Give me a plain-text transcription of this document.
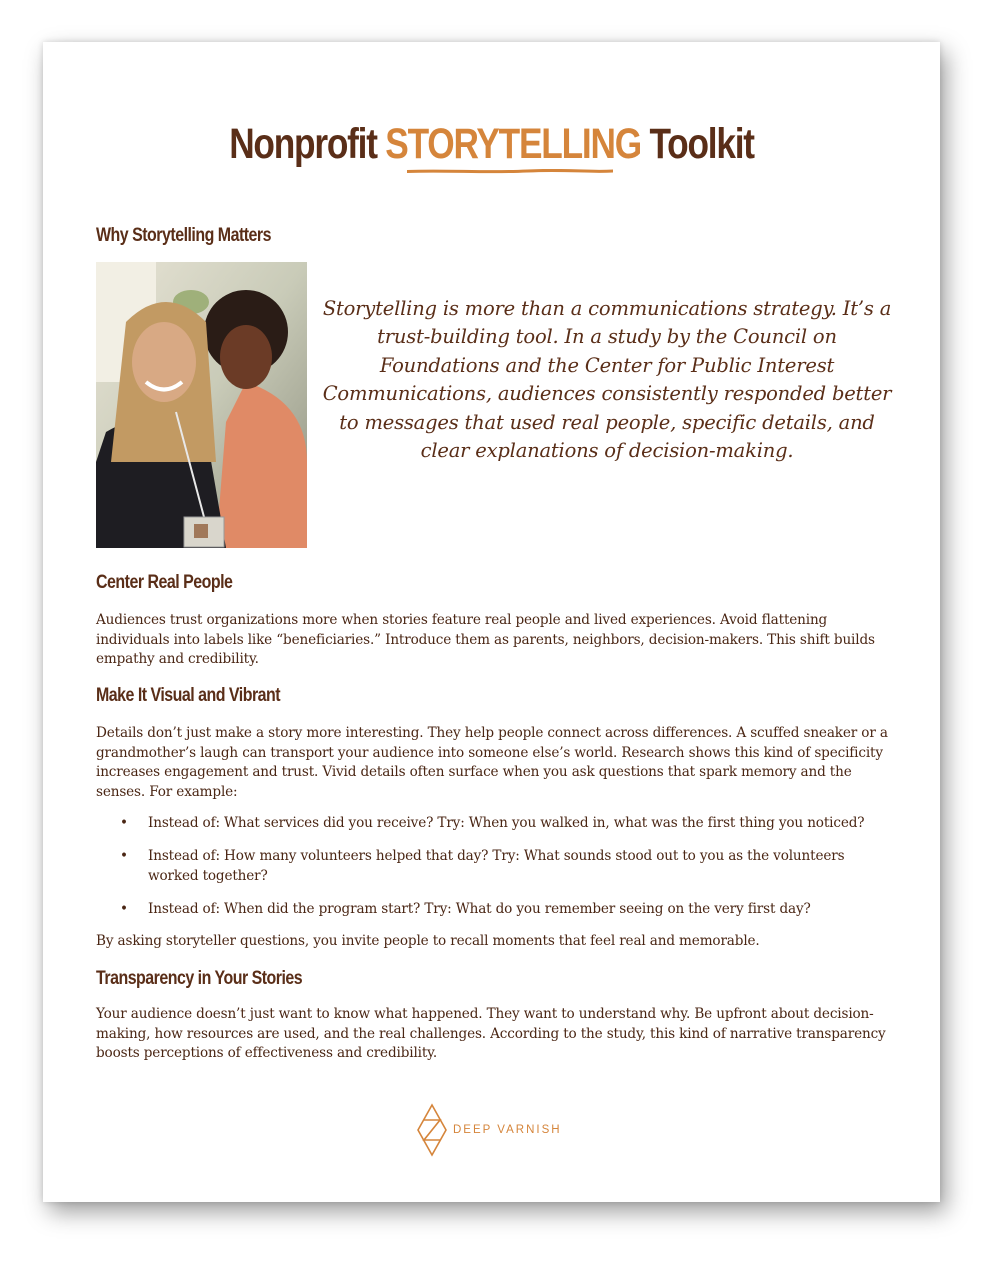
Nonprofit STORYTELLING Toolkit
Why Storytelling Matters
Storytelling is more than a communications strategy. It’s a trust-building tool. In a study by the Council on Foundations and the Center for Public Interest Communications, audiences consistently responded better to messages that used real people, specific details, and clear explanations of decision-making.
Center Real People

Audiences trust organizations more when stories feature real people and lived experiences. Avoid flattening individuals into labels like “beneficiaries.” Introduce them as parents, neighbors, decision-makers. This shift builds empathy and credibility.

Make It Visual and Vibrant

Details don’t just make a story more interesting. They help people connect across differences. A scuffed sneaker or a grandmother’s laugh can transport your audience into someone else’s world. Research shows this kind of specificity increases engagement and trust. Vivid details often surface when you ask questions that spark memory and the senses. For example:

• Instead of: What services did you receive? Try: When you walked in, what was the first thing you noticed?
• Instead of: How many volunteers helped that day? Try: What sounds stood out to you as the volunteers worked together?
• Instead of: When did the program start? Try: What do you remember seeing on the very first day?

By asking storyteller questions, you invite people to recall moments that feel real and memorable.

Transparency in Your Stories

Your audience doesn’t just want to know what happened. They want to understand why. Be upfront about decision-making, how resources are used, and the real challenges. According to the study, this kind of narrative transparency boosts perceptions of effectiveness and credibility.

DEEP VARNISH
